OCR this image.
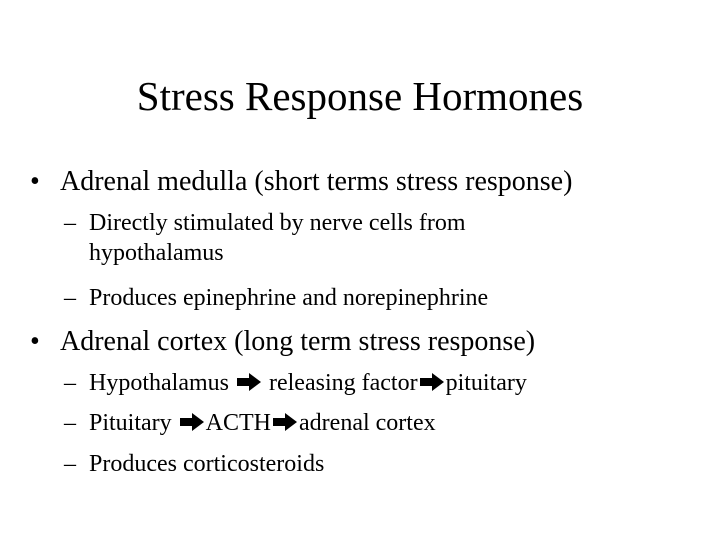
Stress Response Hormones
• Adrenal medulla (short terms stress response)
– Directly stimulated by nerve cells from
hypothalamus
– Produces epinephrine and norepinephrine
• Adrenal cortex (long term stress response)
– Hypothalamus  releasing factor pituitary
– Pituitary ACTH adrenal cortex
– Produces corticosteroids
